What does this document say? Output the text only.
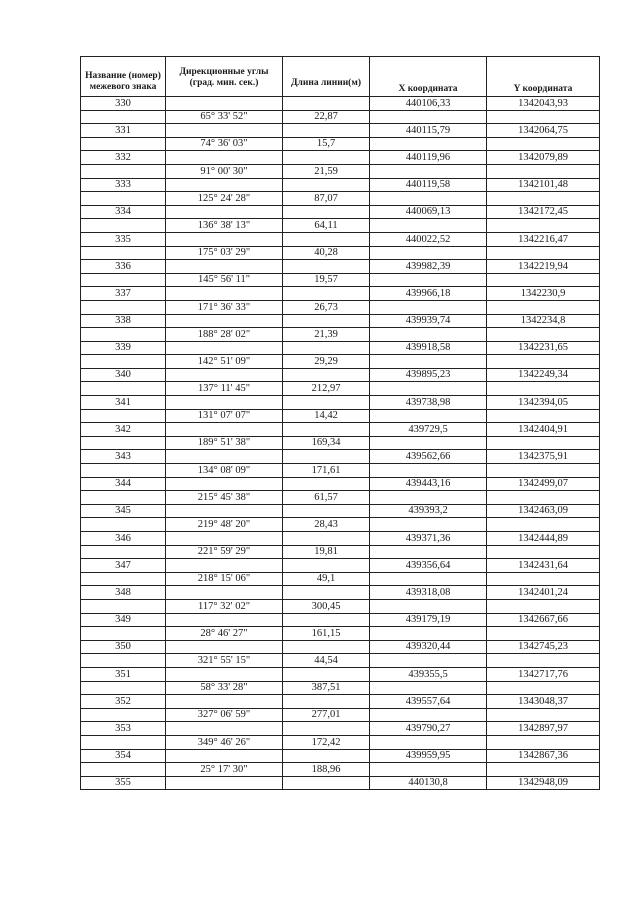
Название (номер) межевого знака	Дирекционные углы (град. мин. сек.)	Длина линии(м)	X координата	Y координата
330			440106,33	1342043,93
	65° 33' 52"	22,87		
331			440115,79	1342064,75
	74° 36' 03"	15,7		
332			440119,96	1342079,89
	91° 00' 30"	21,59		
333			440119,58	1342101,48
	125° 24' 28"	87,07		
334			440069,13	1342172,45
	136° 38' 13"	64,11		
335			440022,52	1342216,47
	175° 03' 29"	40,28		
336			439982,39	1342219,94
	145° 56' 11"	19,57		
337			439966,18	1342230,9
	171° 36' 33"	26,73		
338			439939,74	1342234,8
	188° 28' 02"	21,39		
339			439918,58	1342231,65
	142° 51' 09"	29,29		
340			439895,23	1342249,34
	137° 11' 45"	212,97		
341			439738,98	1342394,05
	131° 07' 07"	14,42		
342			439729,5	1342404,91
	189° 51' 38"	169,34		
343			439562,66	1342375,91
	134° 08' 09"	171,61		
344			439443,16	1342499,07
	215° 45' 38"	61,57		
345			439393,2	1342463,09
	219° 48' 20"	28,43		
346			439371,36	1342444,89
	221° 59' 29"	19,81		
347			439356,64	1342431,64
	218° 15' 06"	49,1		
348			439318,08	1342401,24
	117° 32' 02"	300,45		
349			439179,19	1342667,66
	28° 46' 27"	161,15		
350			439320,44	1342745,23
	321° 55' 15"	44,54		
351			439355,5	1342717,76
	58° 33' 28"	387,51		
352			439557,64	1343048,37
	327° 06' 59"	277,01		
353			439790,27	1342897,97
	349° 46' 26"	172,42		
354			439959,95	1342867,36
	25° 17' 30"	188,96		
355			440130,8	1342948,09
